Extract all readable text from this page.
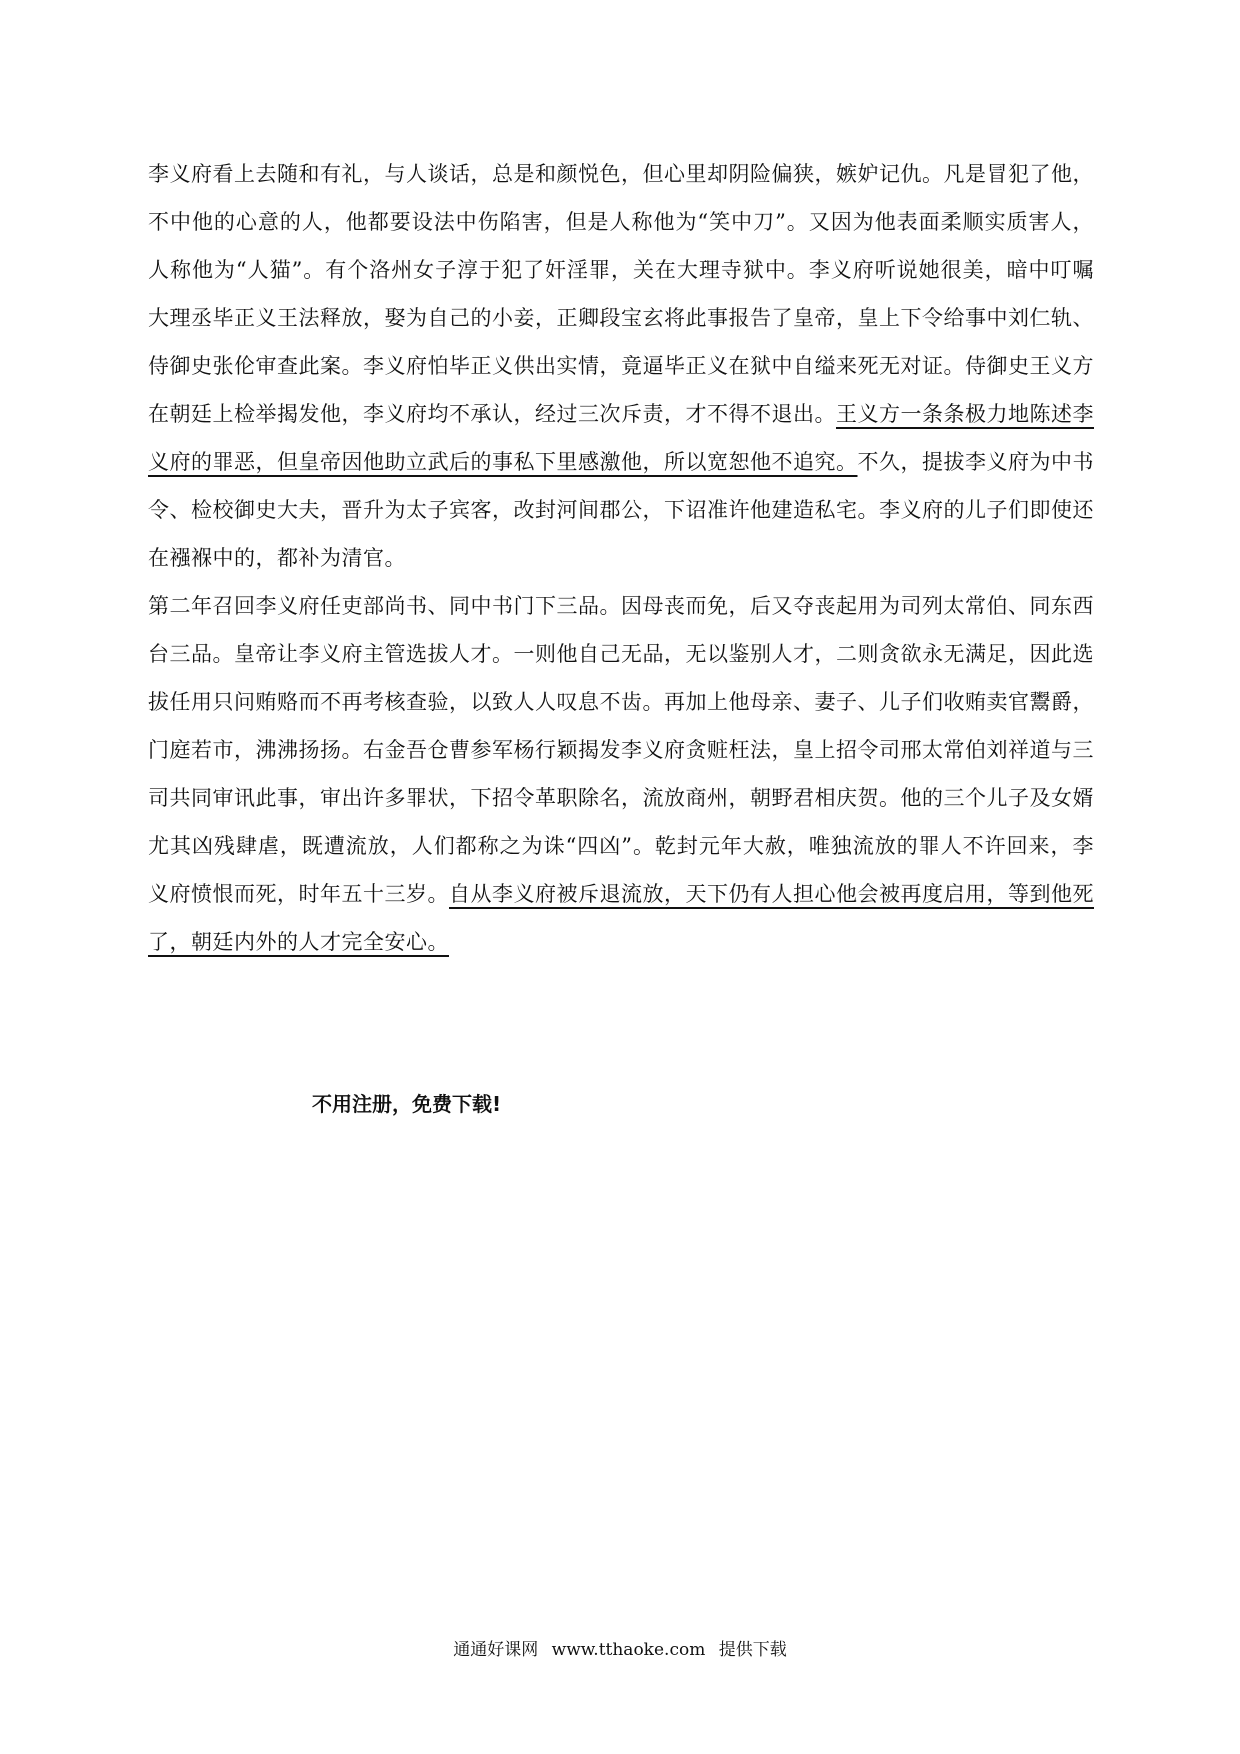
李义府看上去随和有礼，与人谈话，总是和颜悦色，但心里却阴险偏狭，嫉妒记仇。凡是冒犯了他，不中他的心意的人，他都要设法中伤陷害，但是人称他为“笑中刀”。又因为他表面柔顺实质害人，人称他为“人猫”。有个洛州女子淳于犯了奸淫罪，关在大理寺狱中。李义府听说她很美，暗中叮嘱大理丞毕正义王法释放，娶为自己的小妾，正卿段宝玄将此事报告了皇帝，皇上下令给事中刘仁轨、侍御史张伦审查此案。李义府怕毕正义供出实情，竟逼毕正义在狱中自缢来死无对证。侍御史王义方在朝廷上检举揭发他，李义府均不承认，经过三次斥责，才不得不退出。王义方一条条极力地陈述李义府的罪恶，但皇帝因他助立武后的事私下里感激他，所以宽恕他不追究。不久，提拔李义府为中书令、检校御史大夫，晋升为太子宾客，改封河间郡公，下诏准许他建造私宅。李义府的儿子们即使还在襁褓中的，都补为清官。

第二年召回李义府任吏部尚书、同中书门下三品。因母丧而免，后又夺丧起用为司列太常伯、同东西台三品。皇帝让李义府主管选拔人才。一则他自己无品，无以鉴别人才，二则贪欲永无满足，因此选拔任用只问贿赂而不再考核查验，以致人人叹息不齿。再加上他母亲、妻子、儿子们收贿卖官鬻爵，门庭若市，沸沸扬扬。右金吾仓曹参军杨行颖揭发李义府贪赃枉法，皇上招令司邢太常伯刘祥道与三司共同审讯此事，审出许多罪状，下招令革职除名，流放商州，朝野君相庆贺。他的三个儿子及女婿尤其凶残肆虐，既遭流放，人们都称之为诛“四凶”。乾封元年大赦，唯独流放的罪人不许回来，李义府愤恨而死，时年五十三岁。自从李义府被斥退流放，天下仍有人担心他会被再度启用，等到他死了，朝廷内外的人才完全安心。

不用注册，免费下载!
通通好课网 www.tthaoke.com 提供下载
